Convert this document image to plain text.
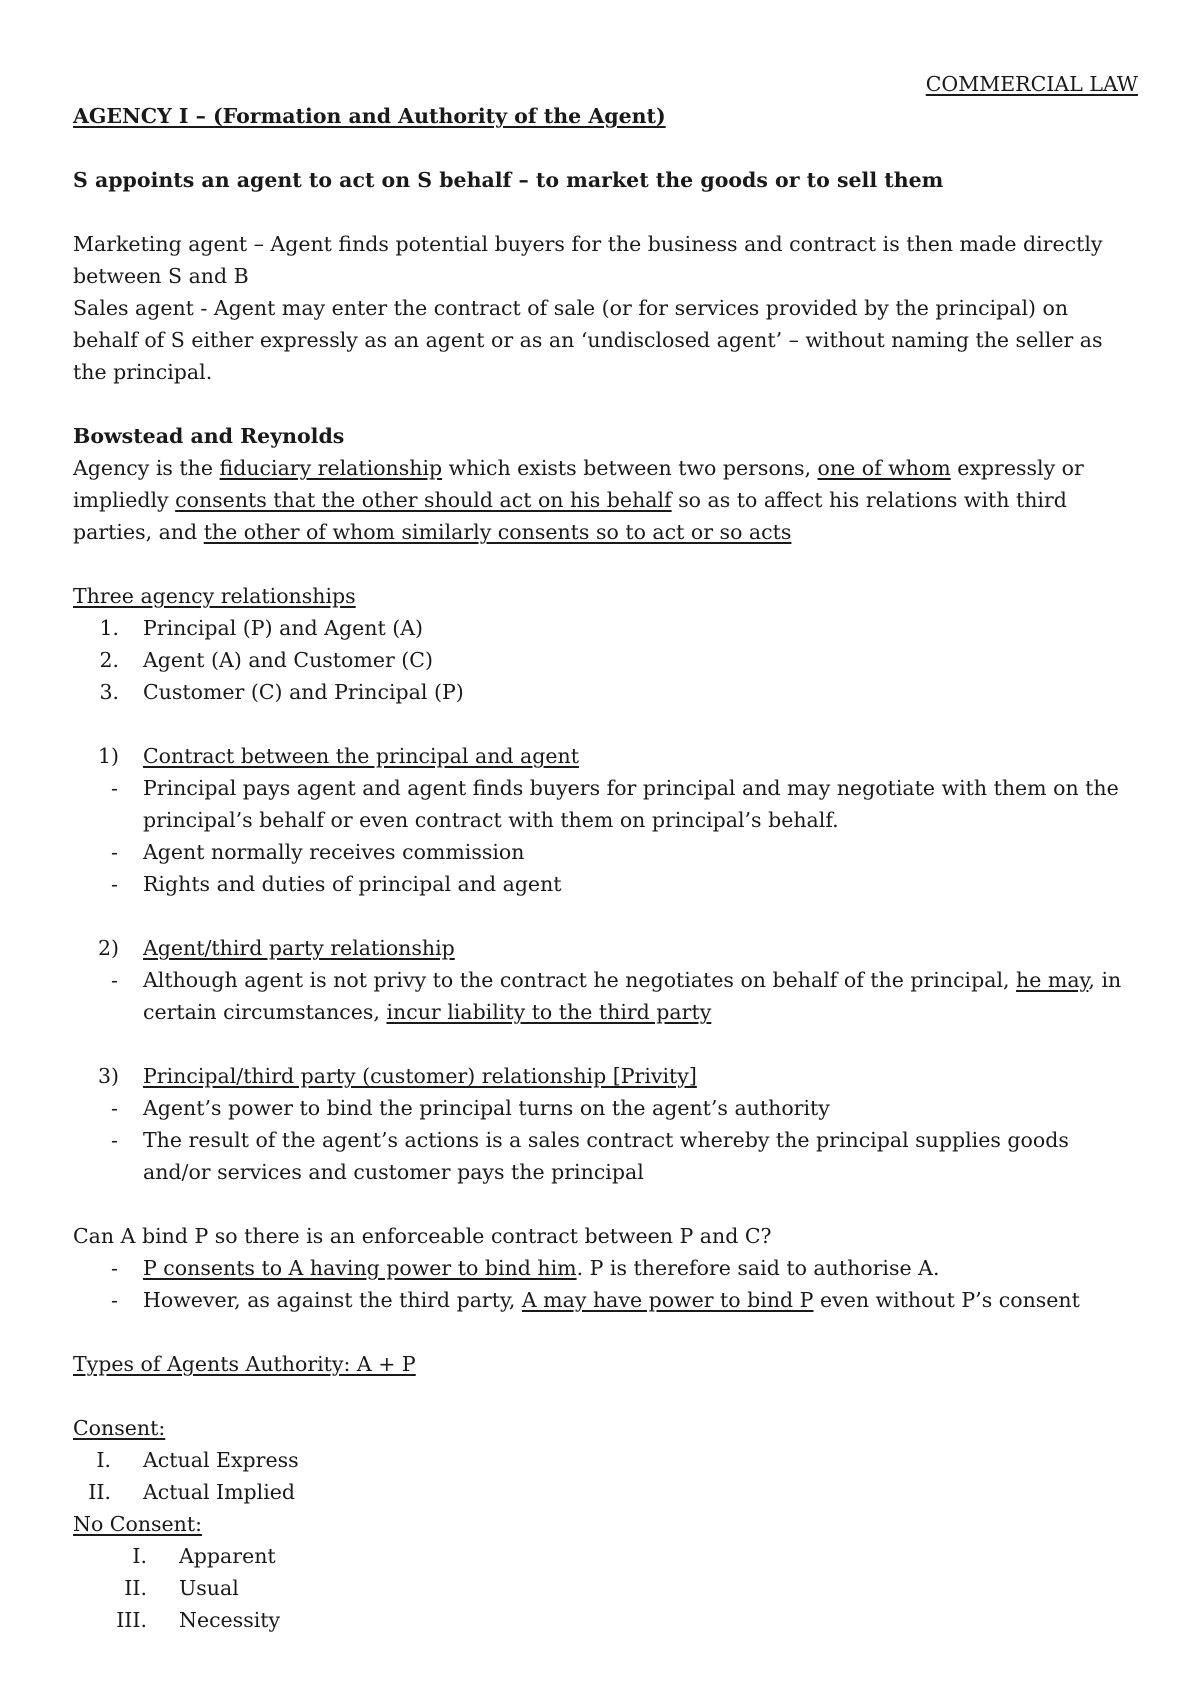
COMMERCIAL LAW

AGENCY I – (Formation and Authority of the Agent)

S appoints an agent to act on S behalf – to market the goods or to sell them

Marketing agent – Agent finds potential buyers for the business and contract is then made directly between S and B

Sales agent - Agent may enter the contract of sale (or for services provided by the principal) on behalf of S either expressly as an agent or as an ‘undisclosed agent’ – without naming the seller as the principal.

Bowstead and Reynolds

Agency is the fiduciary relationship which exists between two persons, one of whom expressly or impliedly consents that the other should act on his behalf so as to affect his relations with third parties, and the other of whom similarly consents so to act or so acts

Three agency relationships

1.	Principal (P) and Agent (A)
2.	Agent (A) and Customer (C)
3.	Customer (C) and Principal (P)
1)	Contract between the principal and agent
-	Principal pays agent and agent finds buyers for principal and may negotiate with them on the principal’s behalf or even contract with them on principal’s behalf.
-	Agent normally receives commission
-	Rights and duties of principal and agent
2)	Agent/third party relationship
-	Although agent is not privy to the contract he negotiates on behalf of the principal, he may, in certain circumstances, incur liability to the third party
3)	Principal/third party (customer) relationship [Privity]
-	Agent’s power to bind the principal turns on the agent’s authority
-	The result of the agent’s actions is a sales contract whereby the principal supplies goods and/or services and customer pays the principal

Can A bind P so there is an enforceable contract between P and C?

-	P consents to A having power to bind him. P is therefore said to authorise A.
-	However, as against the third party, A may have power to bind P even without P’s consent

Types of Agents Authority: A + P

Consent:

I.	Actual Express
II.	Actual Implied

No Consent:

I.	Apparent
II.	Usual
III.	Necessity
